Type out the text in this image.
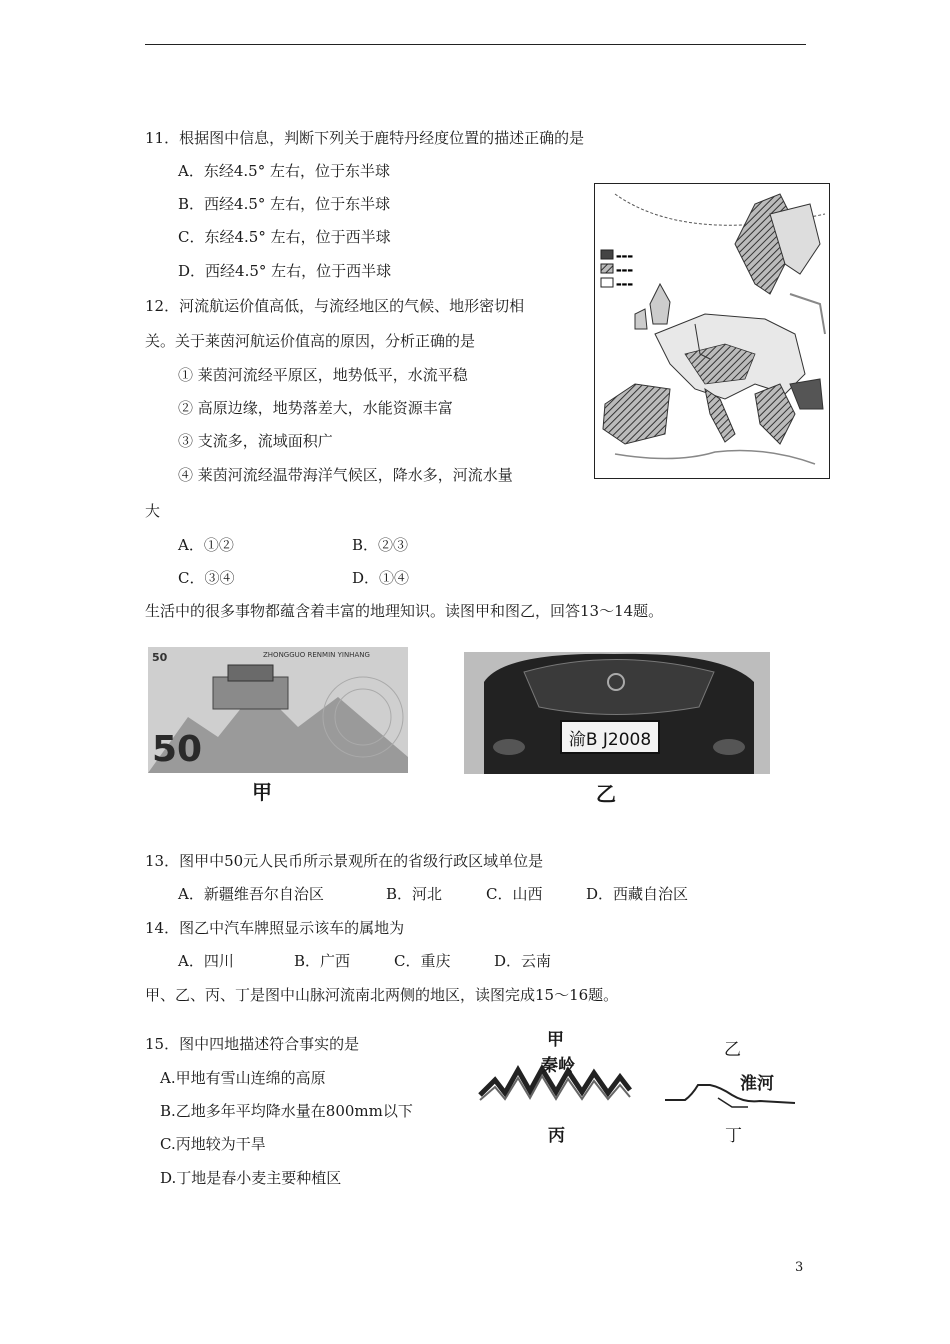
11．根据图中信息，判断下列关于鹿特丹经度位置的描述正确的是
A．东经4.5° 左右，位于东半球
B．西经4.5° 左右，位于东半球
C．东经4.5° 左右，位于西半球
D．西经4.5° 左右，位于西半球
▬▬▬
▬▬▬
▬▬▬
12．河流航运价值高低，与流经地区的气候、地形密切相
关。关于莱茵河航运价值高的原因，分析正确的是
① 莱茵河流经平原区，地势低平，水流平稳
② 高原边缘，地势落差大，水能资源丰富
③ 支流多，流域面积广
④ 莱茵河流经温带海洋气候区，降水多，河流水量
大
A．①②	B．②③
C．③④	D．①④
生活中的很多事物都蕴含着丰富的地理知识。读图甲和图乙，回答13～14题。
50	ZHONGGUO RENMIN YINHANG
50
甲
渝B J2008
乙
13．图甲中50元人民币所示景观所在的省级行政区域单位是
A．新疆维吾尔自治区	B．河北	C．山西	D．西藏自治区
14．图乙中汽车牌照显示该车的属地为
A．四川	B．广西	C．重庆	D．云南
甲、乙、丙、丁是图中山脉河流南北两侧的地区，读图完成15～16题。
15．图中四地描述符合事实的是
A.甲地有雪山连绵的高原
B.乙地多年平均降水量在800mm以下
C.丙地较为干旱
D.丁地是春小麦主要种植区
甲
秦岭
丙
乙
淮河
丁
3
